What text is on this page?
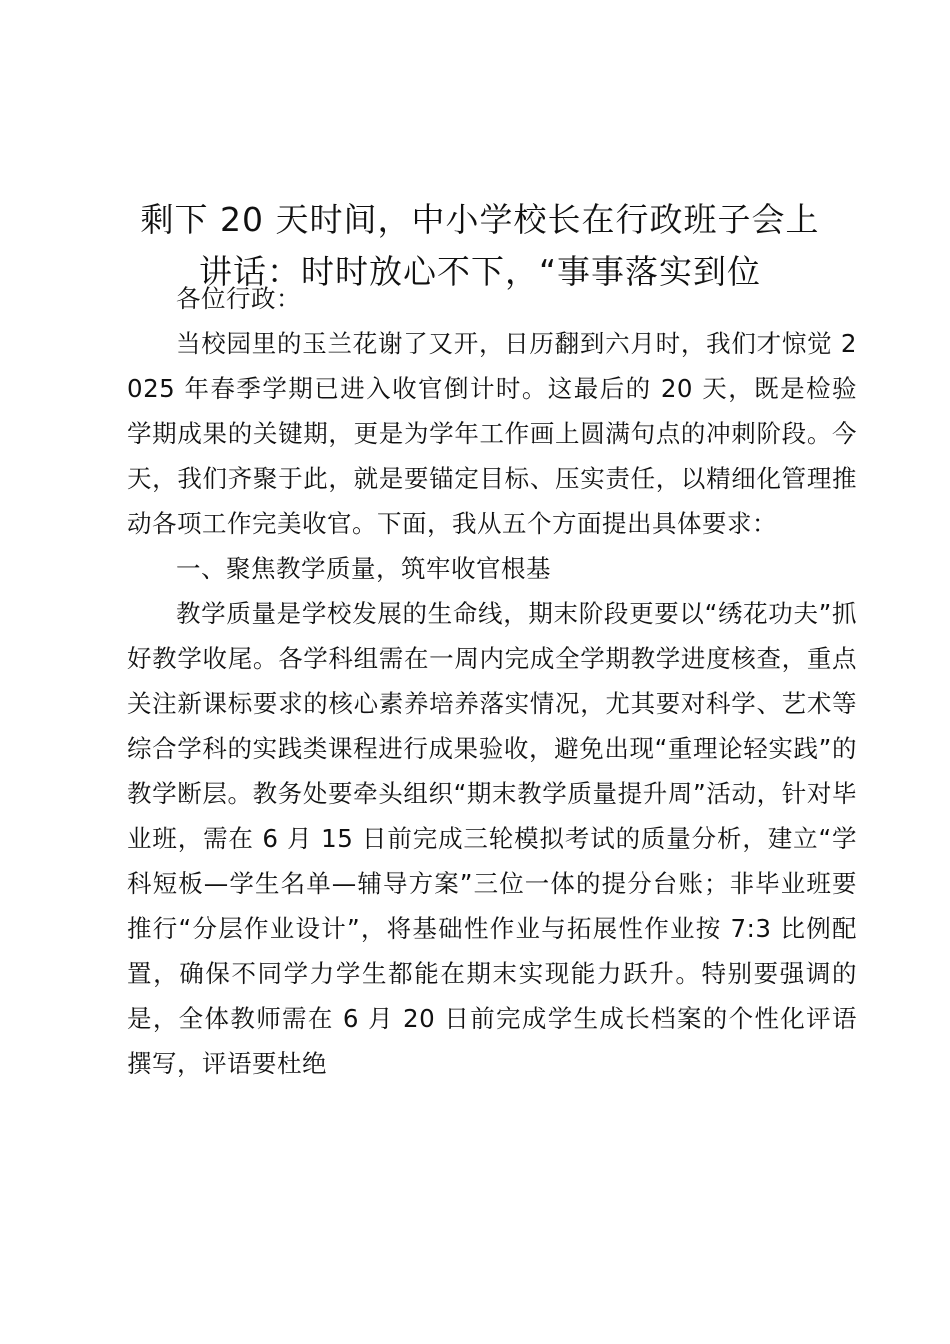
剩下 20 天时间，中小学校长在行政班子会上
讲话：时时放心不下，“事事落实到位

各位行政：

当校园里的玉兰花谢了又开，日历翻到六月时，我们才惊觉 2025 年春季学期已进入收官倒计时。这最后的 20 天，既是检验学期成果的关键期，更是为学年工作画上圆满句点的冲刺阶段。今天，我们齐聚于此，就是要锚定目标、压实责任，以精细化管理推动各项工作完美收官。下面，我从五个方面提出具体要求：

一、聚焦教学质量，筑牢收官根基

教学质量是学校发展的生命线，期末阶段更要以“绣花功夫”抓好教学收尾。各学科组需在一周内完成全学期教学进度核查，重点关注新课标要求的核心素养培养落实情况，尤其要对科学、艺术等综合学科的实践类课程进行成果验收，避免出现“重理论轻实践”的教学断层。教务处要牵头组织“期末教学质量提升周”活动，针对毕业班，需在 6 月 15 日前完成三轮模拟考试的质量分析，建立“学科短板—学生名单—辅导方案”三位一体的提分台账；非毕业班要推行“分层作业设计”，将基础性作业与拓展性作业按 7:3 比例配置，确保不同学力学生都能在期末实现能力跃升。特别要强调的是，全体教师需在 6 月 20 日前完成学生成长档案的个性化评语撰写，评语要杜绝
